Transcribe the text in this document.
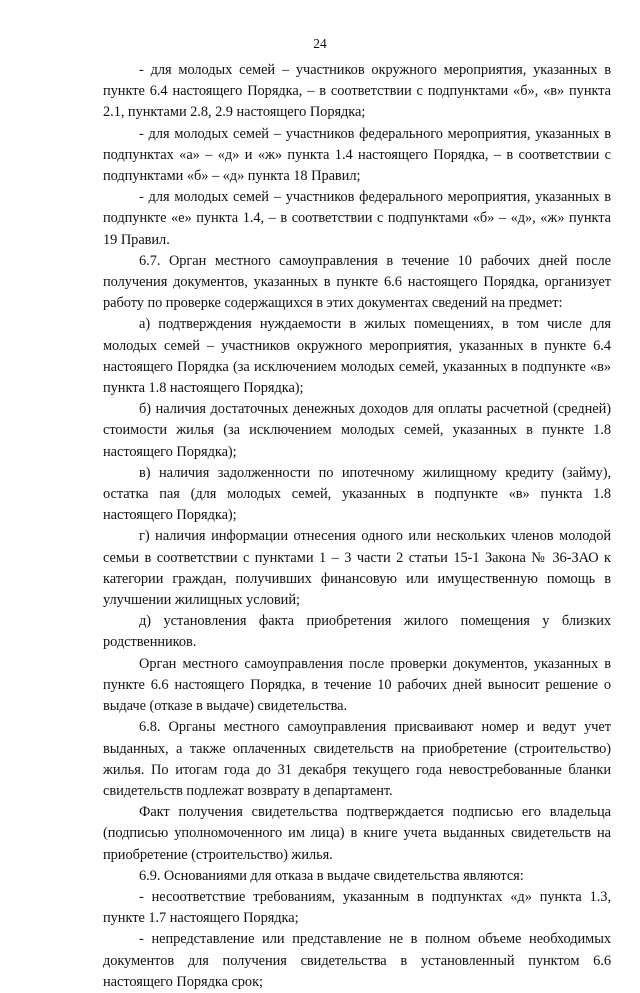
24

- для молодых семей – участников окружного мероприятия, указанных в пункте 6.4 настоящего Порядка, – в соответствии с подпунктами «б», «в» пункта 2.1, пунктами 2.8, 2.9 настоящего Порядка;

- для молодых семей – участников федерального мероприятия, указанных в подпунктах «а» – «д» и «ж» пункта 1.4 настоящего Порядка, – в соответствии с подпунктами «б» – «д» пункта 18 Правил;

- для молодых семей – участников федерального мероприятия, указанных в подпункте «е» пункта 1.4, – в соответствии с подпунктами «б» – «д», «ж» пункта 19 Правил.

6.7. Орган местного самоуправления в течение 10 рабочих дней после получения документов, указанных в пункте 6.6 настоящего Порядка, организует работу по проверке содержащихся в этих документах сведений на предмет:

а) подтверждения нуждаемости в жилых помещениях, в том числе для молодых семей – участников окружного мероприятия, указанных в пункте 6.4 настоящего Порядка (за исключением молодых семей, указанных в подпункте «в» пункта 1.8 настоящего Порядка);

б) наличия достаточных денежных доходов для оплаты расчетной (средней) стоимости жилья (за исключением молодых семей, указанных в пункте 1.8 настоящего Порядка);

в) наличия задолженности по ипотечному жилищному кредиту (займу), остатка пая (для молодых семей, указанных в подпункте «в» пункта 1.8 настоящего Порядка);

г) наличия информации отнесения одного или нескольких членов молодой семьи в соответствии с пунктами 1 – 3 части 2 статьи 15-1 Закона № 36-ЗАО к категории граждан, получивших финансовую или имущественную помощь в улучшении жилищных условий;

д) установления факта приобретения жилого помещения у близких родственников.

Орган местного самоуправления после проверки документов, указанных в пункте 6.6 настоящего Порядка, в течение 10 рабочих дней выносит решение о выдаче (отказе в выдаче) свидетельства.

6.8. Органы местного самоуправления присваивают номер и ведут учет выданных, а также оплаченных свидетельств на приобретение (строительство) жилья. По итогам года до 31 декабря текущего года невостребованные бланки свидетельств подлежат возврату в департамент.

Факт получения свидетельства подтверждается подписью его владельца (подписью уполномоченного им лица) в книге учета выданных свидетельств на приобретение (строительство) жилья.

6.9. Основаниями для отказа в выдаче свидетельства являются:

- несоответствие требованиям, указанным в подпунктах «д» пункта 1.3, пункте 1.7 настоящего Порядка;

- непредставление или представление не в полном объеме необходимых документов для получения свидетельства в установленный пунктом 6.6 настоящего Порядка срок;
